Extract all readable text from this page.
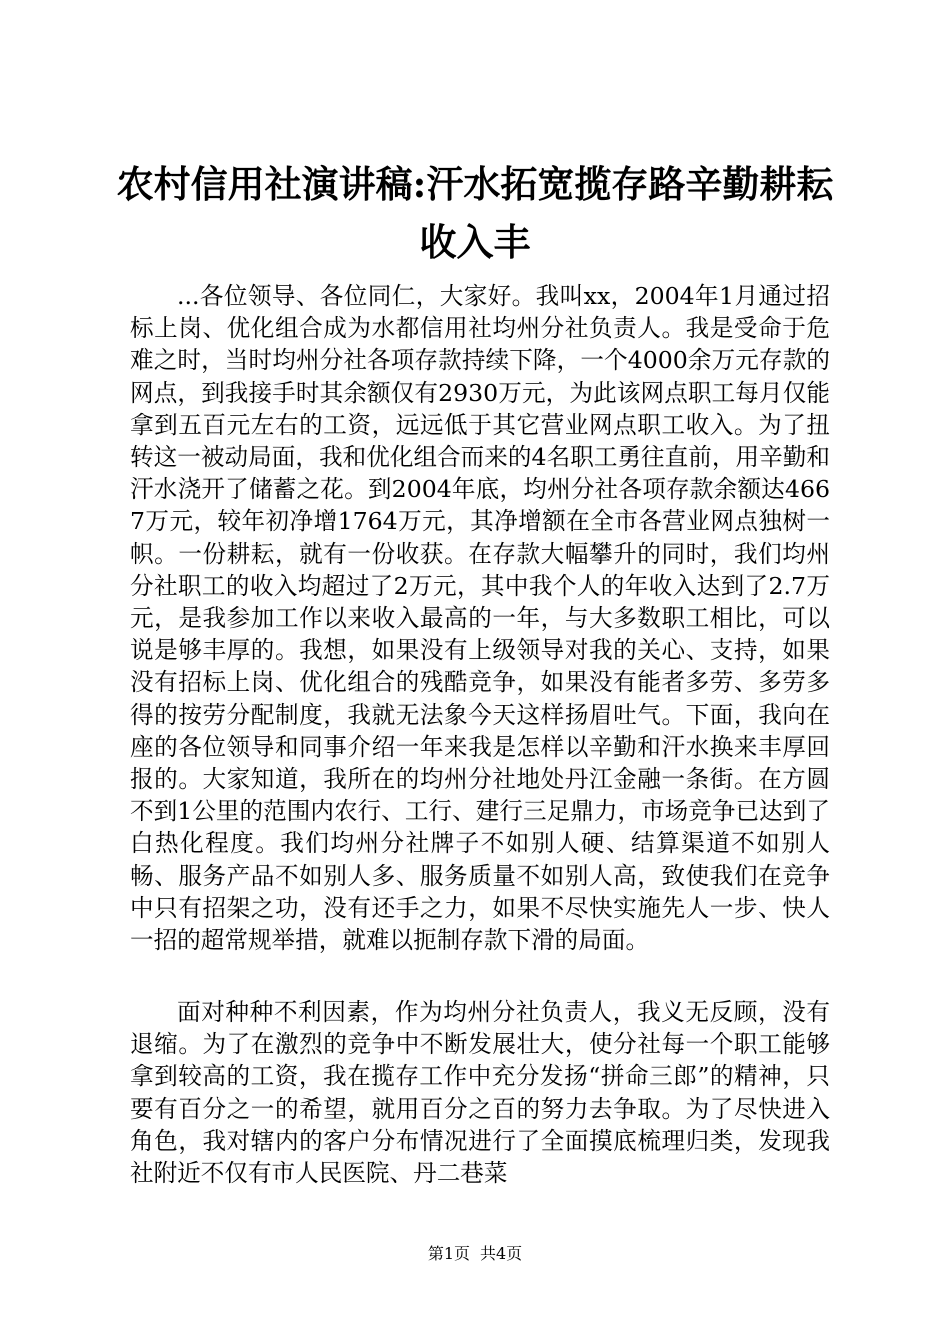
农村信用社演讲稿:汗水拓宽揽存路辛勤耕耘
收入丰

...各位领导、各位同仁，大家好。我叫xx，2004年1月通过招标上岗、优化组合成为水都信用社均州分社负责人。我是受命于危难之时，当时均州分社各项存款持续下降，一个4000余万元存款的网点，到我接手时其余额仅有2930万元，为此该网点职工每月仅能拿到五百元左右的工资，远远低于其它营业网点职工收入。为了扭转这一被动局面，我和优化组合而来的4名职工勇往直前，用辛勤和汗水浇开了储蓄之花。到2004年底，均州分社各项存款余额达4667万元，较年初净增1764万元，其净增额在全市各营业网点独树一帜。一份耕耘，就有一份收获。在存款大幅攀升的同时，我们均州分社职工的收入均超过了2万元，其中我个人的年收入达到了2.7万元，是我参加工作以来收入最高的一年，与大多数职工相比，可以说是够丰厚的。我想，如果没有上级领导对我的关心、支持，如果没有招标上岗、优化组合的残酷竞争，如果没有能者多劳、多劳多得的按劳分配制度，我就无法象今天这样扬眉吐气。下面，我向在座的各位领导和同事介绍一年来我是怎样以辛勤和汗水换来丰厚回报的。大家知道，我所在的均州分社地处丹江金融一条街。在方圆不到1公里的范围内农行、工行、建行三足鼎力，市场竞争已达到了白热化程度。我们均州分社牌子不如别人硬、结算渠道不如别人畅、服务产品不如别人多、服务质量不如别人高，致使我们在竞争中只有招架之功，没有还手之力，如果不尽快实施先人一步、快人一招的超常规举措，就难以扼制存款下滑的局面。

面对种种不利因素，作为均州分社负责人，我义无反顾，没有退缩。为了在激烈的竞争中不断发展壮大，使分社每一个职工能够拿到较高的工资，我在揽存工作中充分发扬“拼命三郎”的精神，只要有百分之一的希望，就用百分之百的努力去争取。为了尽快进入角色，我对辖内的客户分布情况进行了全面摸底梳理归类，发现我社附近不仅有市人民医院、丹二巷菜

第1页 共4页
